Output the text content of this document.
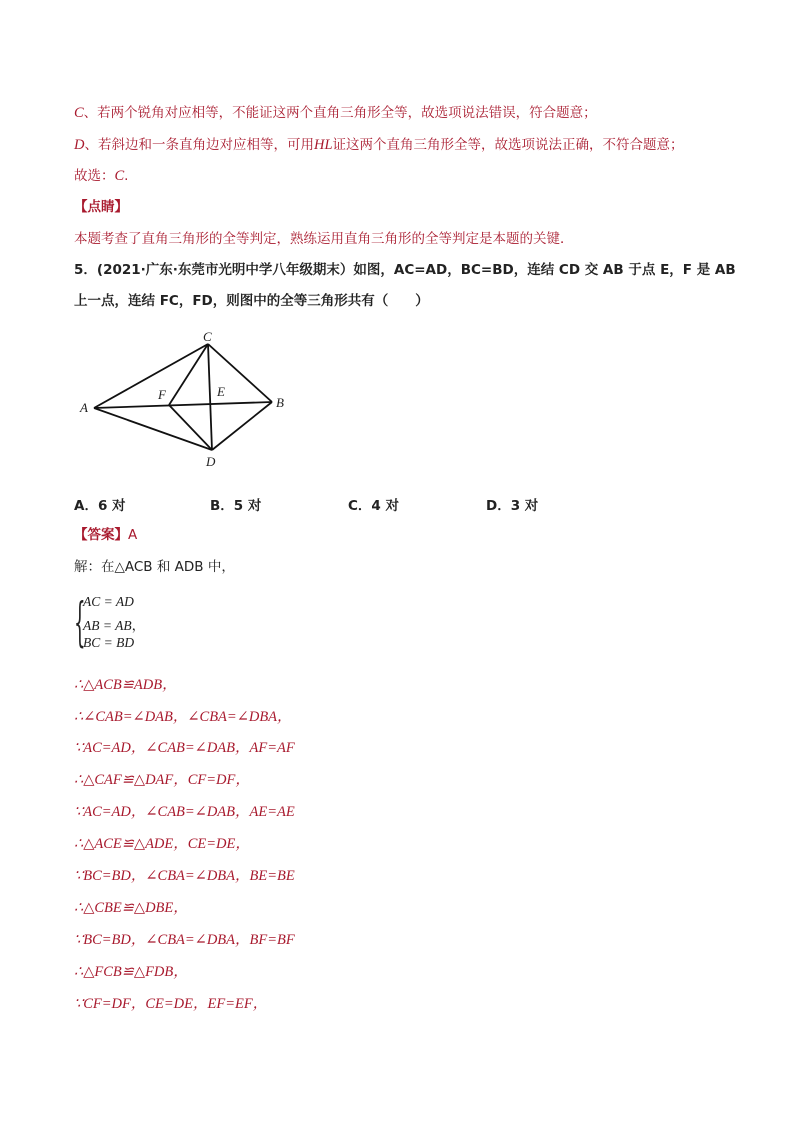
C、若两个锐角对应相等，不能证这两个直角三角形全等，故选项说法错误，符合题意；
D、若斜边和一条直角边对应相等，可用HL证这两个直角三角形全等，故选项说法正确，不符合题意；
故选：C.
【点睛】
本题考查了直角三角形的全等判定，熟练运用直角三角形的全等判定是本题的关键．
5．(2021·广东·东莞市光明中学八年级期末）如图，AC=AD，BC=BD，连结 CD 交 AB 于点 E，F 是 AB
上一点，连结 FC，FD，则图中的全等三角形共有（　　）
A	B
C
D
E
F
A．6 对	B．5 对	C．4 对	D．3 对
【答案】A
解：在△ACB 和 ADB 中，
{
AC = AD
AB = AB，
BC = BD
∴△ACB≌ADB，
∴∠CAB=∠DAB，∠CBA=∠DBA，
∵AC=AD，∠CAB=∠DAB，AF=AF
∴△CAF≌△DAF，CF=DF，
∵AC=AD，∠CAB=∠DAB，AE=AE
∴△ACE≌△ADE，CE=DE，
∵BC=BD，∠CBA=∠DBA，BE=BE
∴△CBE≌△DBE，
∵BC=BD，∠CBA=∠DBA，BF=BF
∴△FCB≌△FDB，
∵CF=DF，CE=DE，EF=EF，
